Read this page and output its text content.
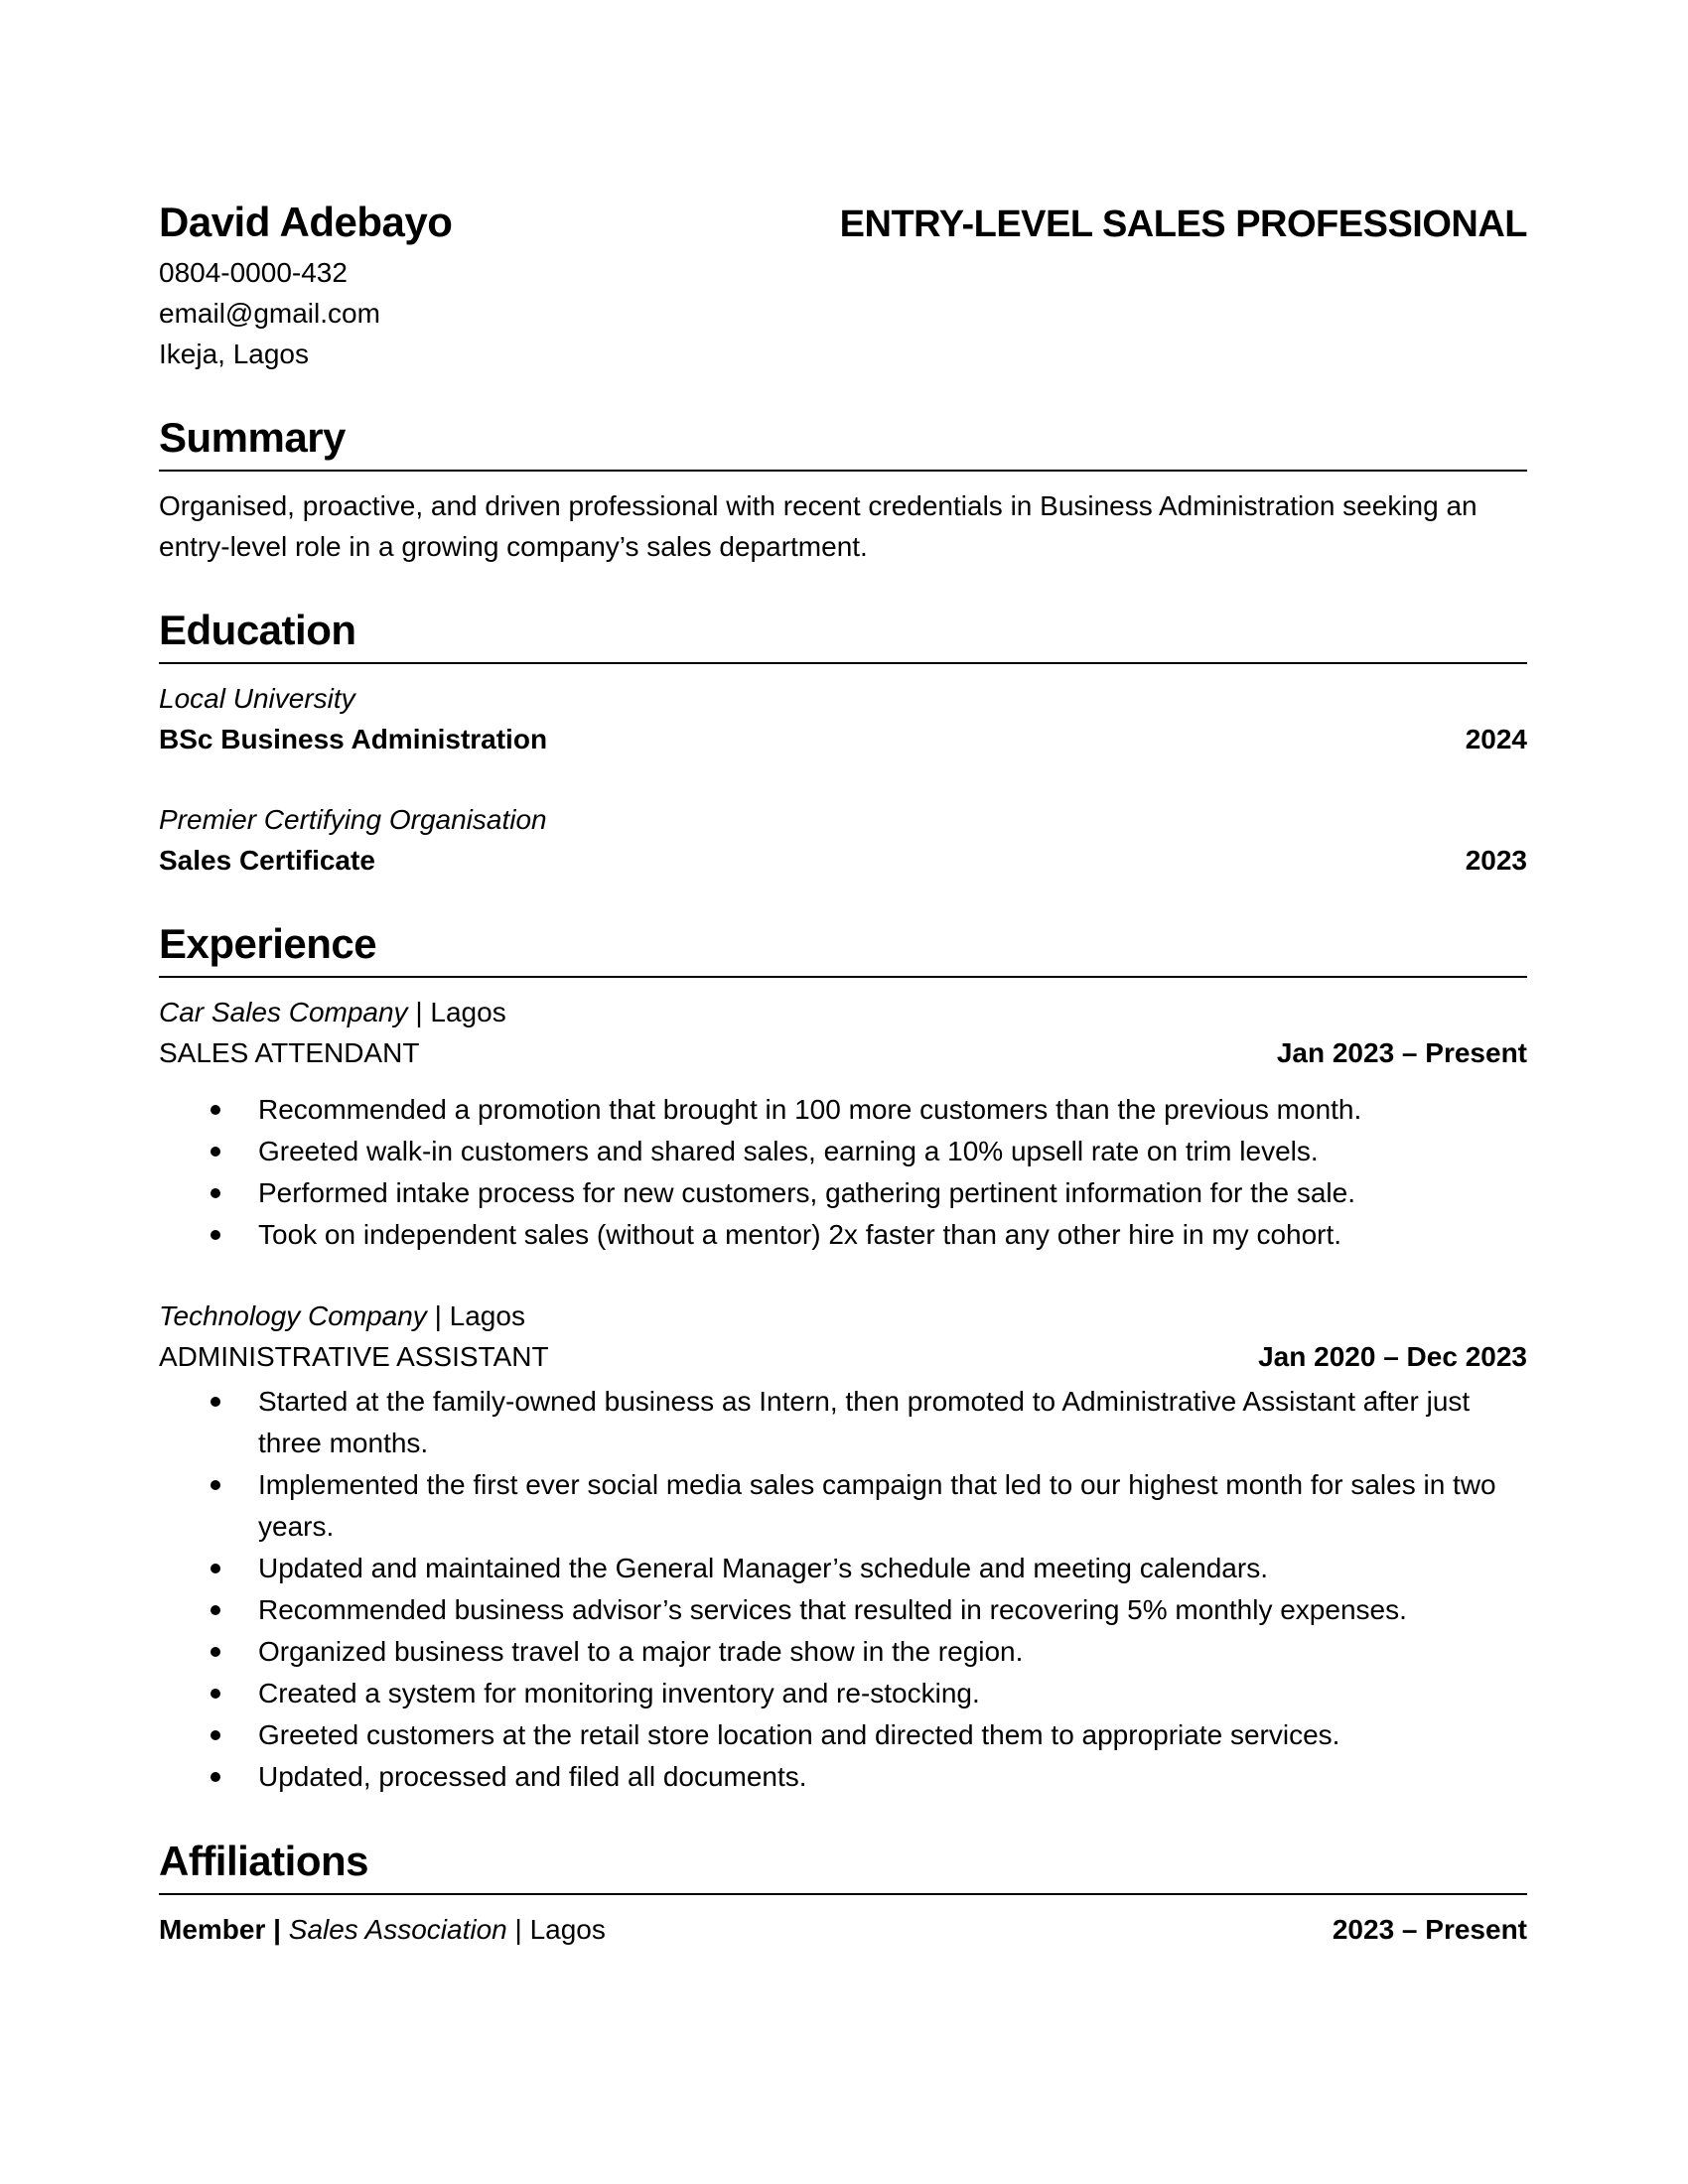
David Adebayo	ENTRY-LEVEL SALES PROFESSIONAL
0804-0000-432
email@gmail.com
Ikeja, Lagos
Summary
Organised, proactive, and driven professional with recent credentials in Business Administration seeking an entry-level role in a growing company’s sales department.
Education
Local University
BSc Business Administration	2024
Premier Certifying Organisation
Sales Certificate	2023
Experience
Car Sales Company | Lagos
SALES ATTENDANT	Jan 2023 – Present
Recommended a promotion that brought in 100 more customers than the previous month.
Greeted walk-in customers and shared sales, earning a 10% upsell rate on trim levels.
Performed intake process for new customers, gathering pertinent information for the sale.
Took on independent sales (without a mentor) 2x faster than any other hire in my cohort.
Technology Company | Lagos
ADMINISTRATIVE ASSISTANT	Jan 2020 – Dec 2023
Started at the family-owned business as Intern, then promoted to Administrative Assistant after just three months.
Implemented the first ever social media sales campaign that led to our highest month for sales in two years.
Updated and maintained the General Manager’s schedule and meeting calendars.
Recommended business advisor’s services that resulted in recovering 5% monthly expenses.
Organized business travel to a major trade show in the region.
Created a system for monitoring inventory and re-stocking.
Greeted customers at the retail store location and directed them to appropriate services.
Updated, processed and filed all documents.
Affiliations
Member | Sales Association | Lagos	2023 – Present
